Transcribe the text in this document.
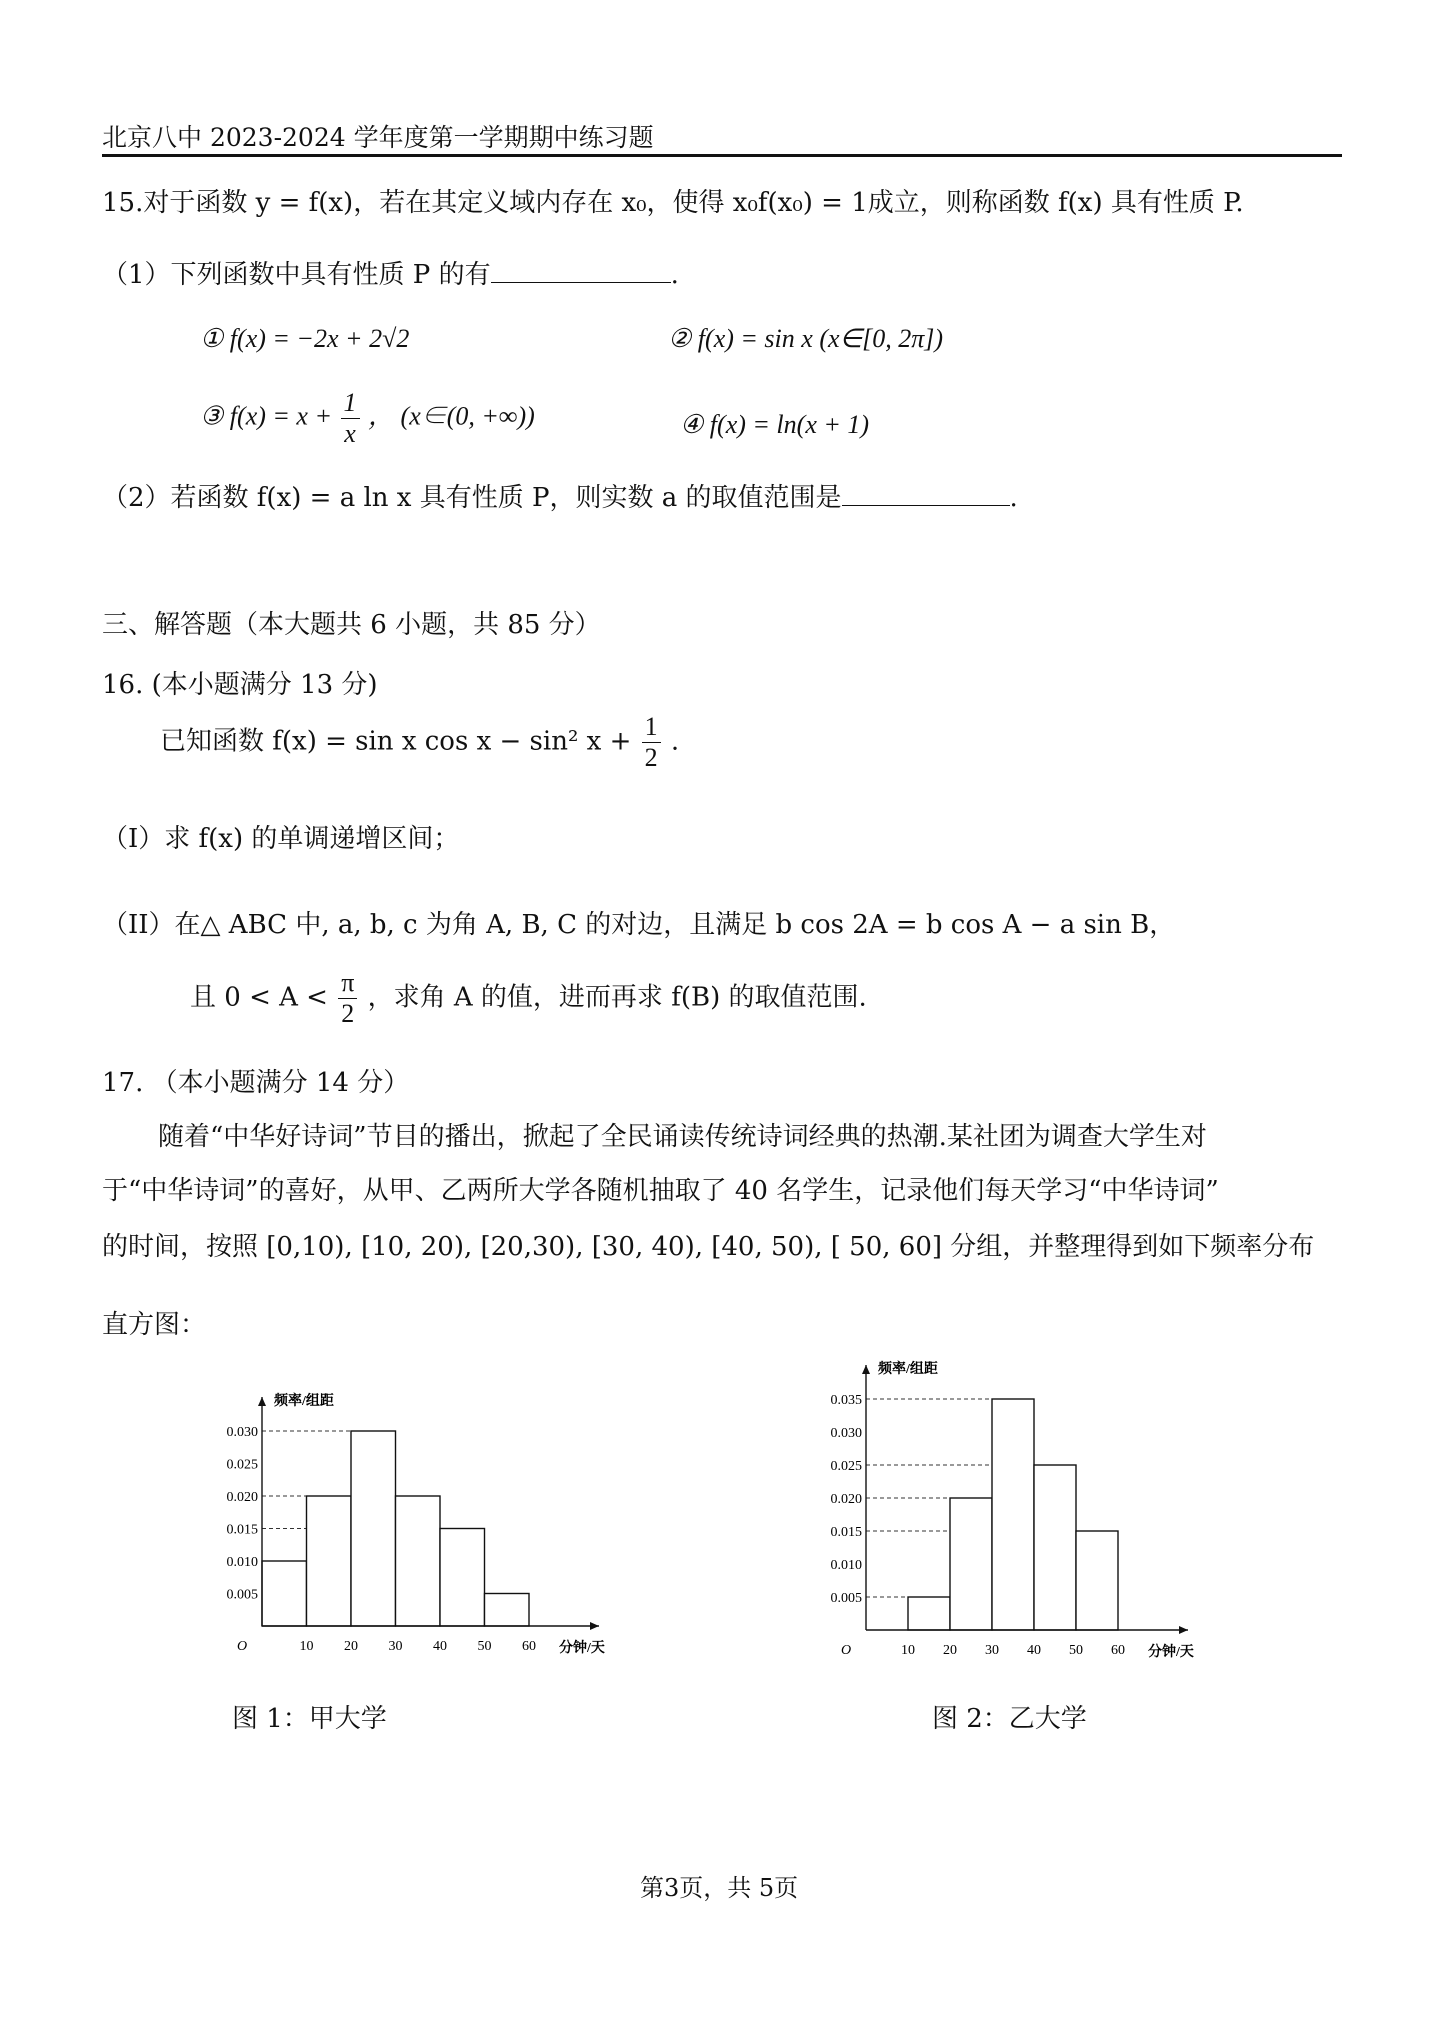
北京八中 2023-2024 学年度第一学期期中练习题
15.对于函数 y = f(x)，若在其定义域内存在 x₀，使得 x₀f(x₀) = 1成立，则称函数 f(x) 具有性质 P.
（1）下列函数中具有性质 P 的有	.
① f(x) = −2x + 2√2	② f(x) = sin x (x∈[0, 2π])
③ $f(x) = x + \frac{1}{x}$ ， (x∈(0, +∞))	④ f(x) = ln(x + 1)
（2）若函数 f(x) = a ln x 具有性质 P，则实数 a 的取值范围是	.
三、解答题（本大题共 6 小题，共 85 分）
16. (本小题满分 13 分)
已知函数 f(x) = sin x cos x − sin² $x + \frac{1}{2}$ .
（I）求 f(x) 的单调递增区间；
（II）在△ ABC 中, a, b, c 为角 A, B, C 的对边，且满足 b cos 2A = b cos A − a sin B，
且 $0 < A < \frac{\pi}{2}$ ，求角 A 的值，进而再求 f(B) 的取值范围.
17. （本小题满分 14 分）
随着“中华好诗词”节目的播出，掀起了全民诵读传统诗词经典的热潮.某社团为调查大学生对
于“中华诗词”的喜好，从甲、乙两所大学各随机抽取了 40 名学生，记录他们每天学习“中华诗词”
的时间，按照 [0,10), [10, 20), [20,30), [30, 40), [40, 50), [ 50, 60] 分组，并整理得到如下频率分布
直方图：
0.005
0.010
0.015
0.020
0.025
0.030
10 20 30 40 50 60
O	分钟/天
频率/组距
0.005
0.010
0.015
0.020
0.025
0.030
0.035
10 20 30 40 50 60
O	分钟/天
频率/组距
图 1：甲大学	图 2：乙大学
第3页，共 5页
